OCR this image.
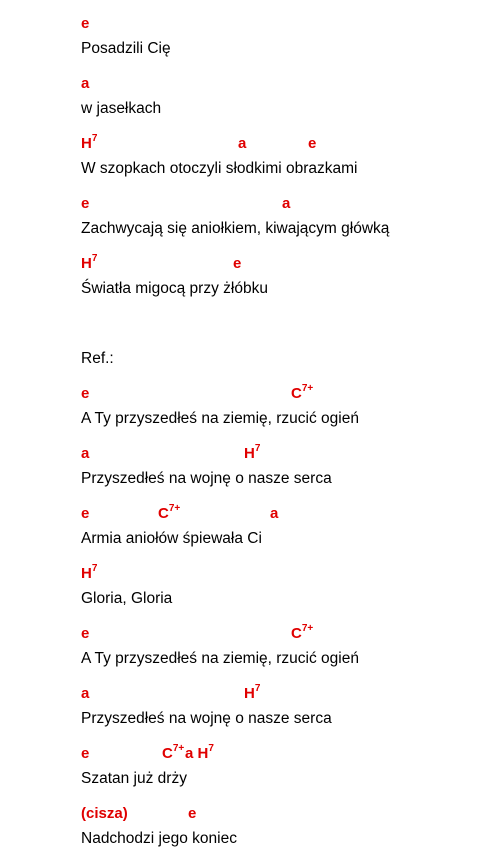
e
Posadzili Cię
a
w jasełkach
$H^7$	a	e
W szopkach otoczyli słodkimi obrazkami
e	a
Zachwycają się aniołkiem, kiwającym główką
$H^7$	e
Światła migocą przy żłóbku
Ref.:
e	$C^{7+}$
A Ty przyszedłeś na ziemię, rzucić ogień
a	$H^7$
Przyszedłeś na wojnę o nasze serca
e	$C^{7+}$	a
Armia aniołów śpiewała Ci
$H^7$
Gloria, Gloria
e	$C^{7+}$
A Ty przyszedłeś na ziemię, rzucić ogień
a	$H^7$
Przyszedłeś na wojnę o nasze serca
e	$C^{7+}$ a $H^7$
Szatan już drży
(cisza)	e
Nadchodzi jego koniec
